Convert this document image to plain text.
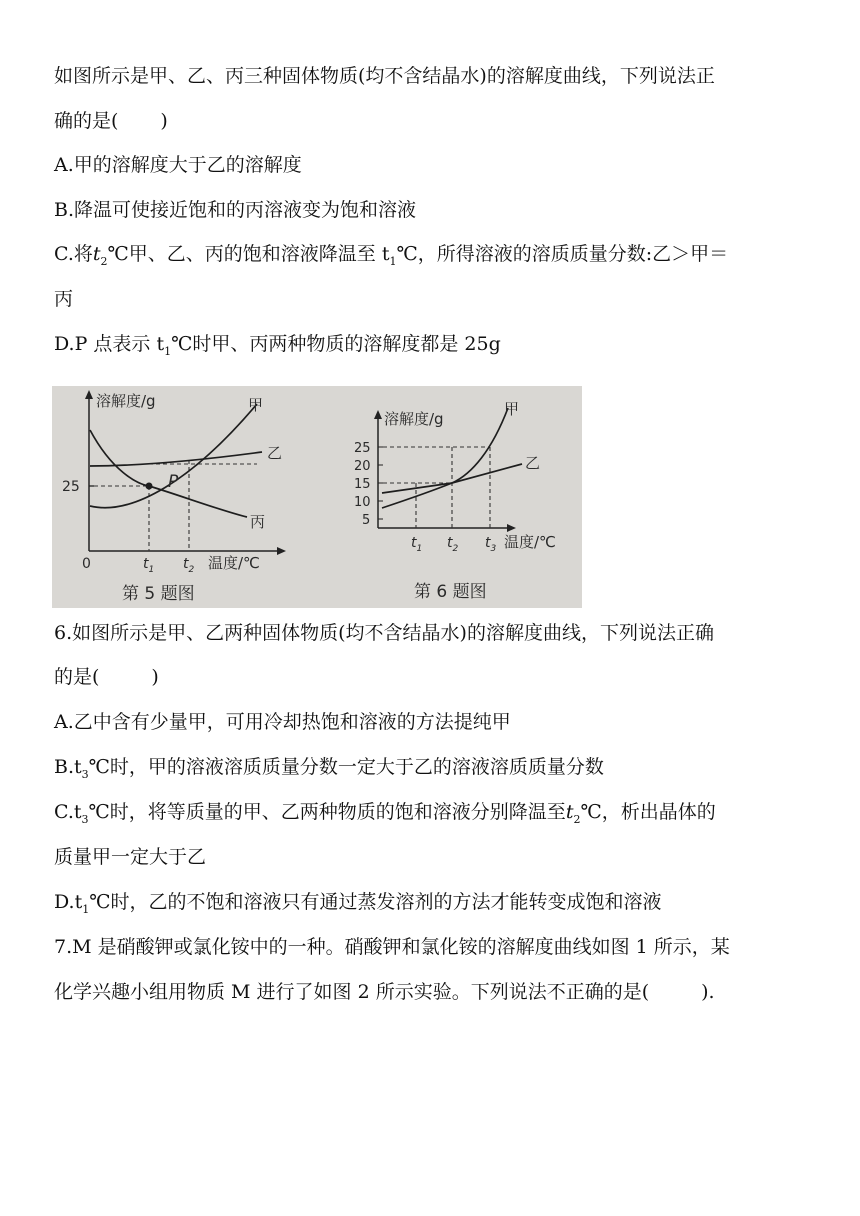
如图所示是甲、乙、丙三种固体物质(均不含结晶水)的溶解度曲线，下列说法正
确的是( )
A.甲的溶解度大于乙的溶解度
B.降温可使接近饱和的丙溶液变为饱和溶液
C.将$t_2℃$甲、乙、丙的饱和溶液降温至 $t_1℃$，所得溶液的溶质质量分数:乙＞甲＝
丙
D.P 点表示 $t_1℃$时甲、丙两种物质的溶解度都是 25g
溶解度/g
0
25	P
甲
乙
丙
$t_1$ $t_2$ 温度/℃
第 5 题图
溶解度/g
25
20
15
10
5
甲
乙
$t_1$ $t_2$ $t_3$ 温度/℃
第 6 题图
6.如图所示是甲、乙两种固体物质(均不含结晶水)的溶解度曲线，下列说法正确
的是(	)
A.乙中含有少量甲，可用冷却热饱和溶液的方法提纯甲
$B.t_3℃$时，甲的溶液溶质质量分数一定大于乙的溶液溶质质量分数
$C.t_3℃$时，将等质量的甲、乙两种物质的饱和溶液分别降温至$t_2℃$，析出晶体的
质量甲一定大于乙
$D.t_1℃$时，乙的不饱和溶液只有通过蒸发溶剂的方法才能转变成饱和溶液
7.M 是硝酸钾或氯化铵中的一种。硝酸钾和氯化铵的溶解度曲线如图 1 所示，某
化学兴趣小组用物质 M 进行了如图 2 所示实验。下列说法不正确的是(	).
